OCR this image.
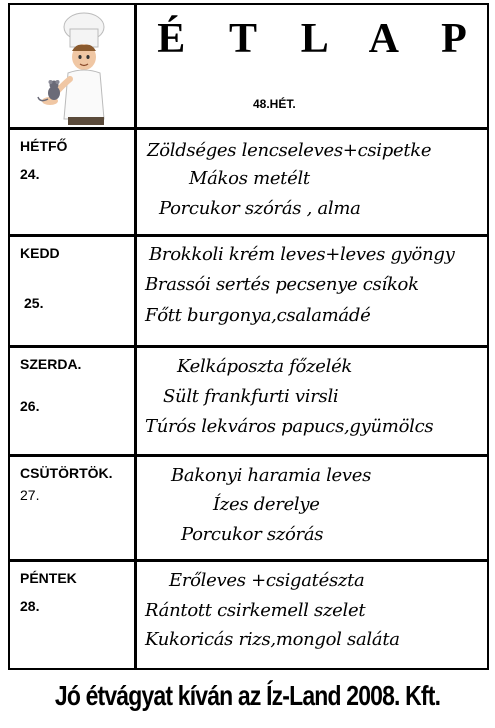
É T L A P
48.HÉT.
HÉTFŐ
24.
Zöldséges lencseleves+csipetke
Mákos metélt
Porcukor szórás , alma
KEDD
25.
Brokkoli krém leves+leves gyöngy
Brassói sertés pecsenye csíkok
Főtt burgonya,csalamádé
SZERDA.
26.
Kelkáposzta főzelék
Sült frankfurti virsli
Túrós lekváros papucs,gyümölcs
CSÜTÖRTÖK.
27.
Bakonyi haramia leves
Ízes derelye
Porcukor szórás
PÉNTEK
28.
Erőleves +csigatészta
Rántott csirkemell szelet
Kukoricás rizs,mongol saláta
Jó étvágyat kíván az Íz-Land 2008. Kft.
